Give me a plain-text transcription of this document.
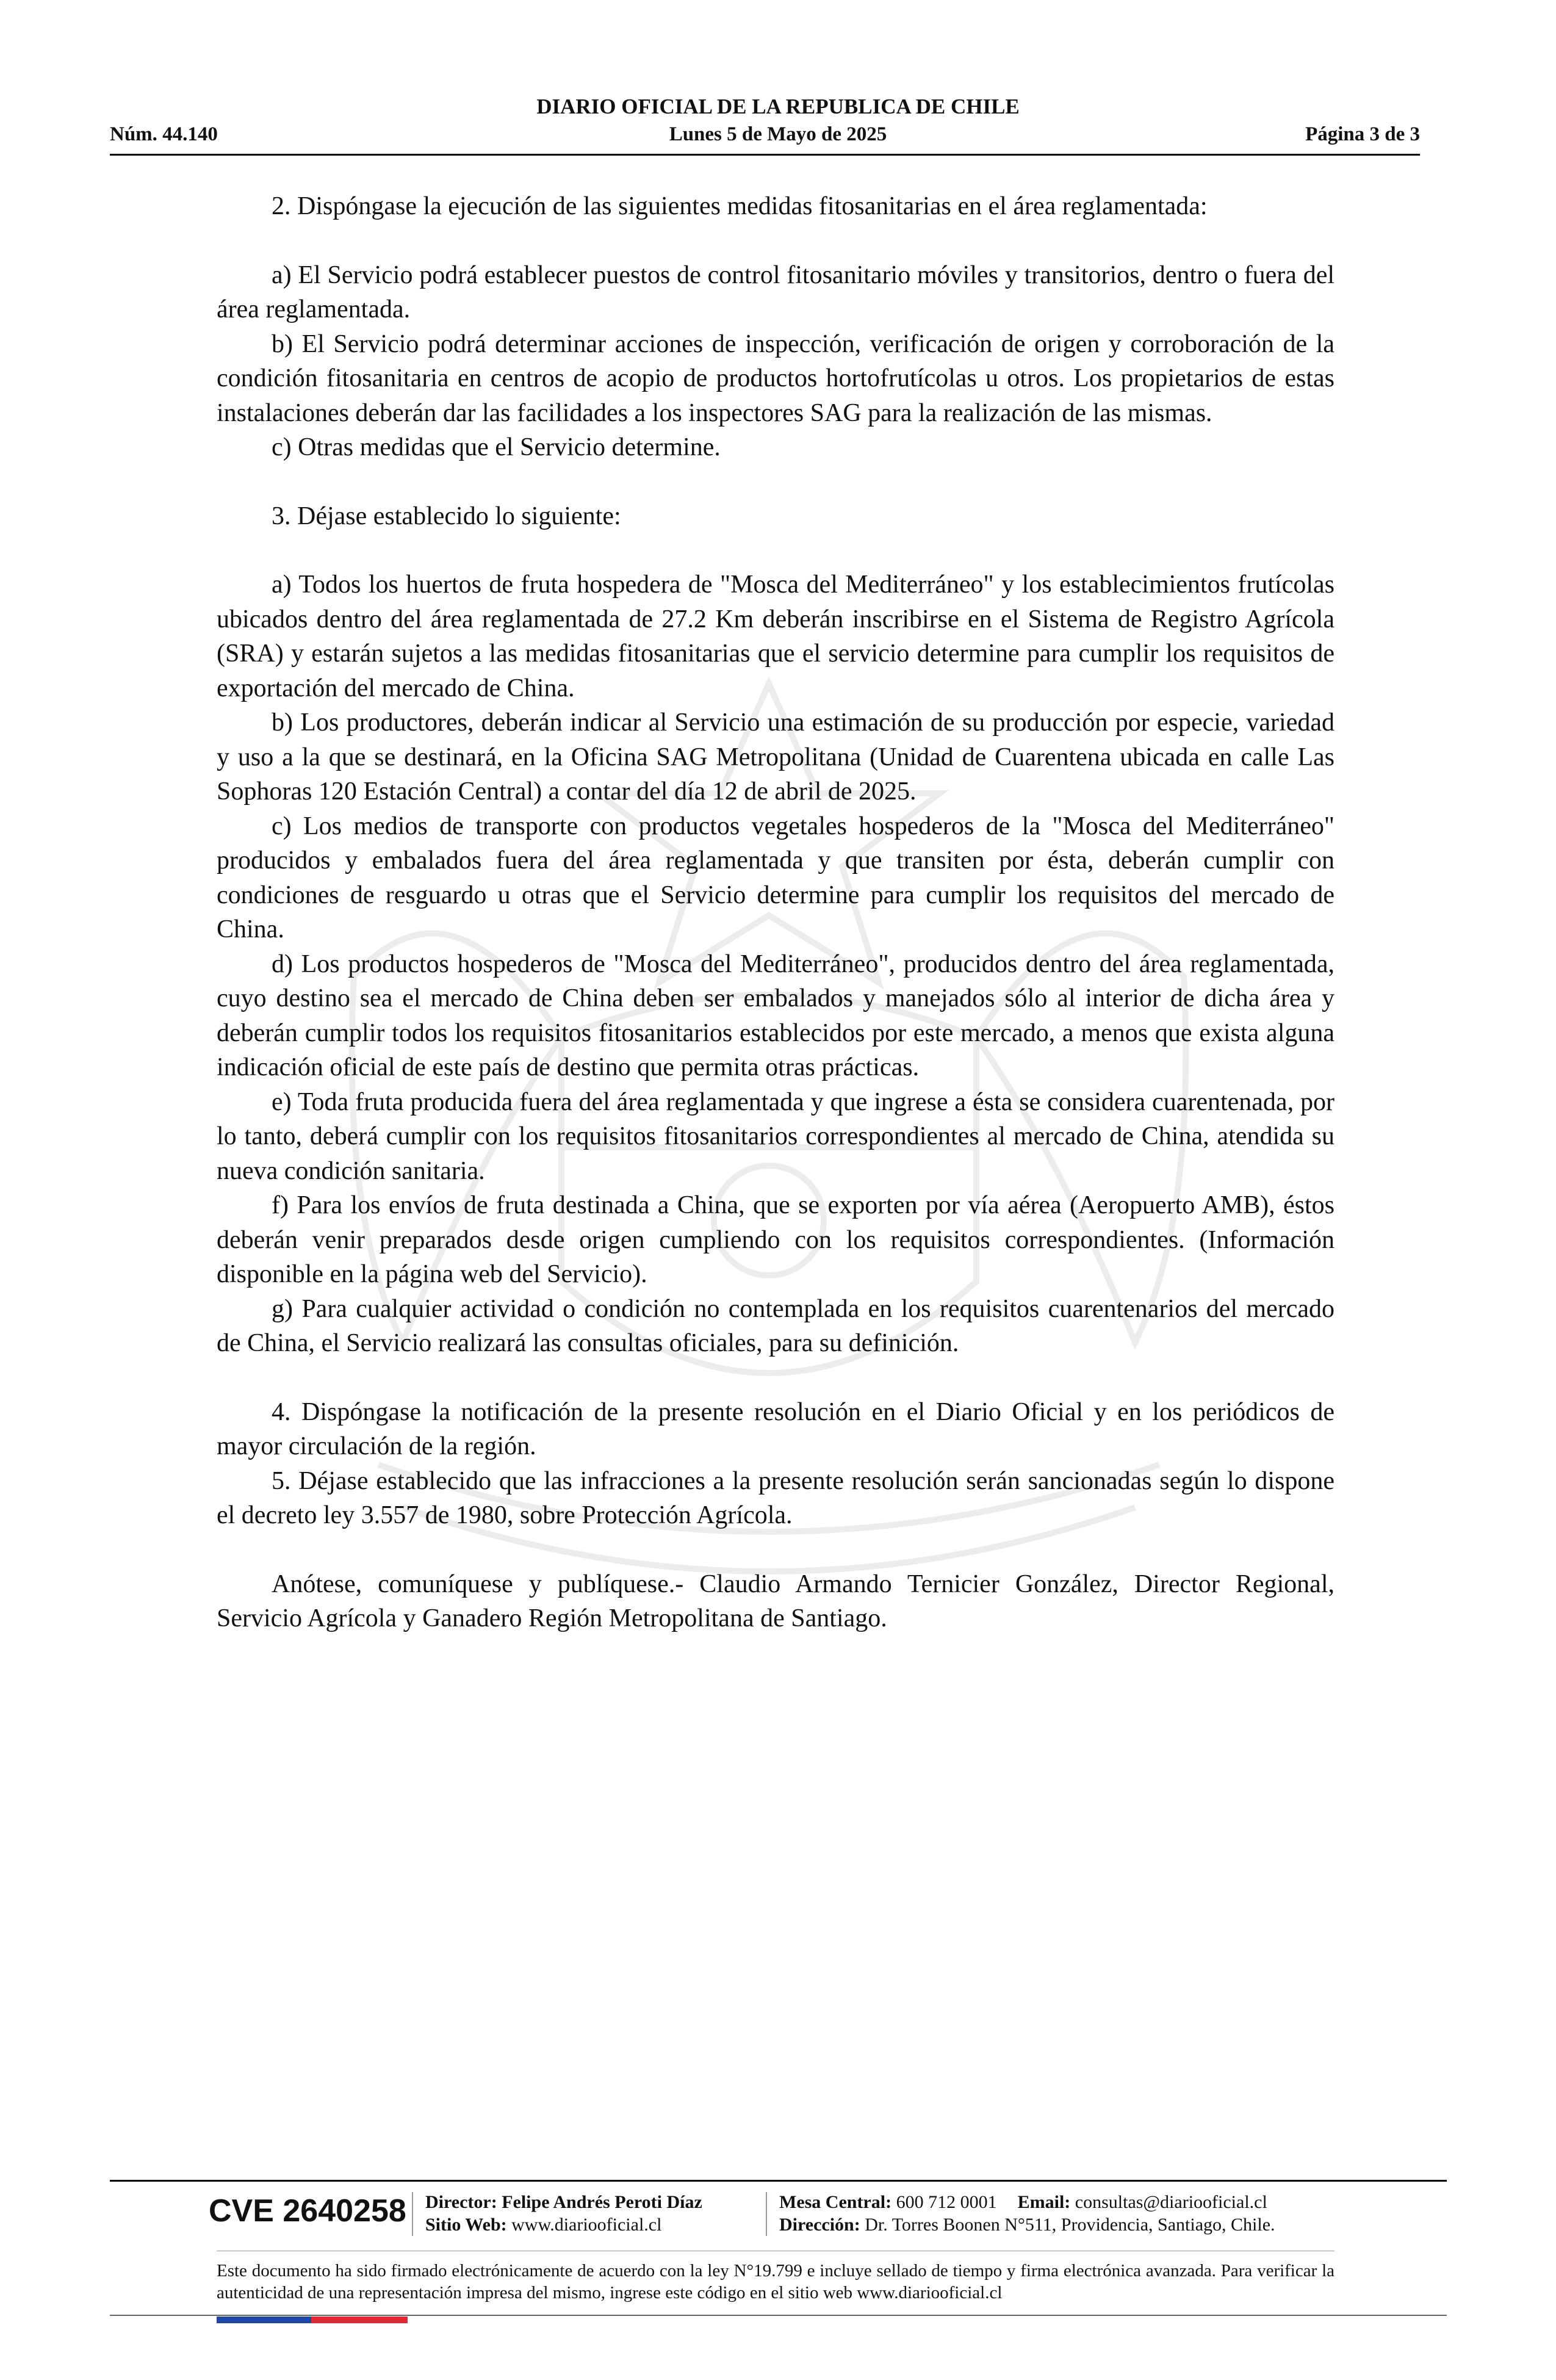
DIARIO OFICIAL DE LA REPUBLICA DE CHILE
Núm. 44.140	Lunes 5 de Mayo de 2025	Página 3 de 3

2. Dispóngase la ejecución de las siguientes medidas fitosanitarias en el área reglamentada:

a) El Servicio podrá establecer puestos de control fitosanitario móviles y transitorios, dentro o fuera del área reglamentada.

b) El Servicio podrá determinar acciones de inspección, verificación de origen y corroboración de la condición fitosanitaria en centros de acopio de productos hortofrutícolas u otros. Los propietarios de estas instalaciones deberán dar las facilidades a los inspectores SAG para la realización de las mismas.

c) Otras medidas que el Servicio determine.

3. Déjase establecido lo siguiente:

a) Todos los huertos de fruta hospedera de "Mosca del Mediterráneo" y los establecimientos frutícolas ubicados dentro del área reglamentada de 27.2 Km deberán inscribirse en el Sistema de Registro Agrícola (SRA) y estarán sujetos a las medidas fitosanitarias que el servicio determine para cumplir los requisitos de exportación del mercado de China.

b) Los productores, deberán indicar al Servicio una estimación de su producción por especie, variedad y uso a la que se destinará, en la Oficina SAG Metropolitana (Unidad de Cuarentena ubicada en calle Las Sophoras 120 Estación Central) a contar del día 12 de abril de 2025.

c) Los medios de transporte con productos vegetales hospederos de la "Mosca del Mediterráneo" producidos y embalados fuera del área reglamentada y que transiten por ésta, deberán cumplir con condiciones de resguardo u otras que el Servicio determine para cumplir los requisitos del mercado de China.

d) Los productos hospederos de "Mosca del Mediterráneo", producidos dentro del área reglamentada, cuyo destino sea el mercado de China deben ser embalados y manejados sólo al interior de dicha área y deberán cumplir todos los requisitos fitosanitarios establecidos por este mercado, a menos que exista alguna indicación oficial de este país de destino que permita otras prácticas.

e) Toda fruta producida fuera del área reglamentada y que ingrese a ésta se considera cuarentenada, por lo tanto, deberá cumplir con los requisitos fitosanitarios correspondientes al mercado de China, atendida su nueva condición sanitaria.

f) Para los envíos de fruta destinada a China, que se exporten por vía aérea (Aeropuerto AMB), éstos deberán venir preparados desde origen cumpliendo con los requisitos correspondientes. (Información disponible en la página web del Servicio).

g) Para cualquier actividad o condición no contemplada en los requisitos cuarentenarios del mercado de China, el Servicio realizará las consultas oficiales, para su definición.

4. Dispóngase la notificación de la presente resolución en el Diario Oficial y en los periódicos de mayor circulación de la región.

5. Déjase establecido que las infracciones a la presente resolución serán sancionadas según lo dispone el decreto ley 3.557 de 1980, sobre Protección Agrícola.

Anótese, comuníquese y publíquese.- Claudio Armando Ternicier González, Director Regional, Servicio Agrícola y Ganadero Región Metropolitana de Santiago.

CVE 2640258 Director: Felipe Andrés Peroti Díaz
Sitio Web: www.diariooficial.cl
Mesa Central: 600 712 0001 Email: consultas@diariooficial.cl
Dirección: Dr. Torres Boonen N°511, Providencia, Santiago, Chile.
Este documento ha sido firmado electrónicamente de acuerdo con la ley N°19.799 e incluye sellado de tiempo y firma electrónica avanzada. Para verificar la autenticidad de una representación impresa del mismo, ingrese este código en el sitio web www.diariooficial.cl
